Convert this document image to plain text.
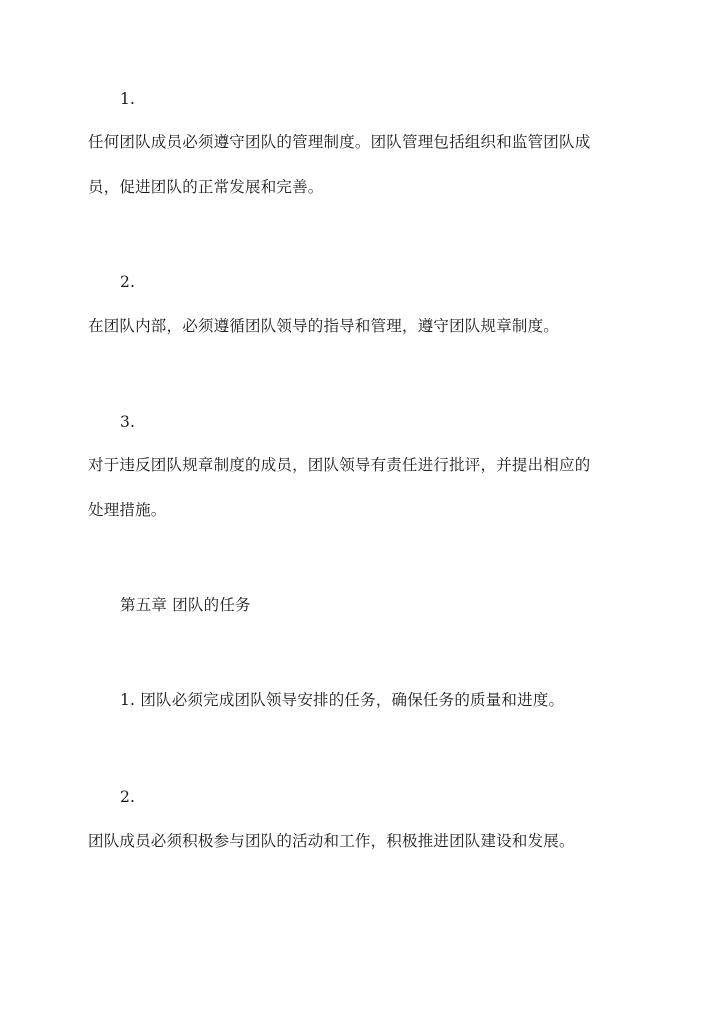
1.
任何团队成员必须遵守团队的管理制度。团队管理包括组织和监管团队成
员，促进团队的正常发展和完善。
2.
在团队内部，必须遵循团队领导的指导和管理，遵守团队规章制度。
3.
对于违反团队规章制度的成员，团队领导有责任进行批评，并提出相应的
处理措施。
第五章 团队的任务
1. 团队必须完成团队领导安排的任务，确保任务的质量和进度。
2.
团队成员必须积极参与团队的活动和工作，积极推进团队建设和发展。
